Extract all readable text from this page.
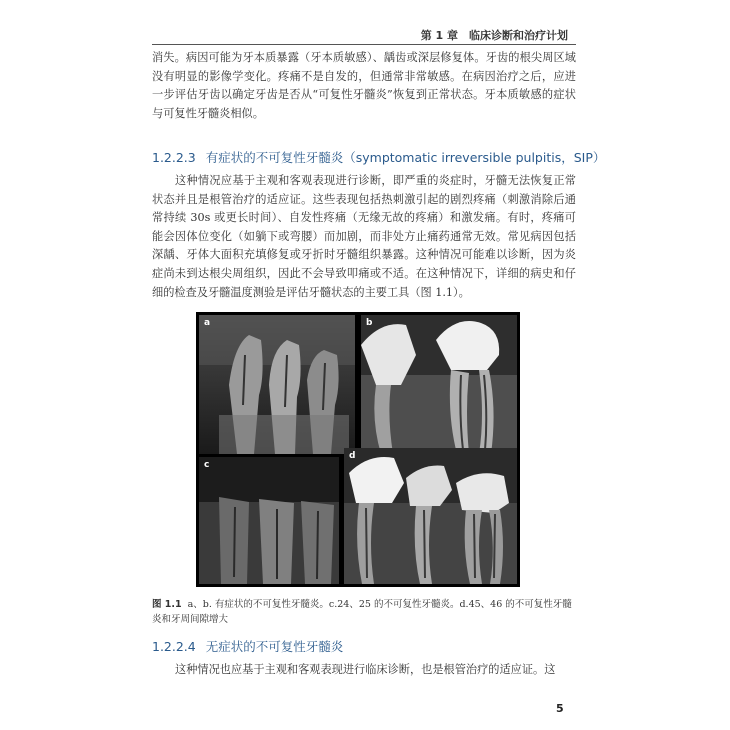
第 1 章　临床诊断和治疗计划

消失。病因可能为牙本质暴露（牙本质敏感）、龋齿或深层修复体。牙齿的根尖周区域没有明显的影像学变化。疼痛不是自发的，但通常非常敏感。在病因治疗之后，应进一步评估牙齿以确定牙齿是否从“可复性牙髓炎”恢复到正常状态。牙本质敏感的症状与可复性牙髓炎相似。

1.2.2.3 有症状的不可复性牙髓炎（symptomatic irreversible pulpitis，SIP）

这种情况应基于主观和客观表现进行诊断，即严重的炎症时，牙髓无法恢复正常状态并且是根管治疗的适应证。这些表现包括热刺激引起的剧烈疼痛（刺激消除后通常持续 30s 或更长时间）、自发性疼痛（无缘无故的疼痛）和激发痛。有时，疼痛可能会因体位变化（如躺下或弯腰）而加剧，而非处方止痛药通常无效。常见病因包括深龋、牙体大面积充填修复或牙折时牙髓组织暴露。这种情况可能难以诊断，因为炎症尚未到达根尖周组织，因此不会导致叩痛或不适。在这种情况下，详细的病史和仔细的检查及牙髓温度测验是评估牙髓状态的主要工具（图 1.1）。

a	b
c
d
图 1.1 a、b. 有症状的不可复性牙髓炎。c.24、25 的不可复性牙髓炎。d.45、46 的不可复性牙髓炎和牙周间隙增大
1.2.2.4 无症状的不可复性牙髓炎

这种情况也应基于主观和客观表现进行临床诊断，也是根管治疗的适应证。这

5
